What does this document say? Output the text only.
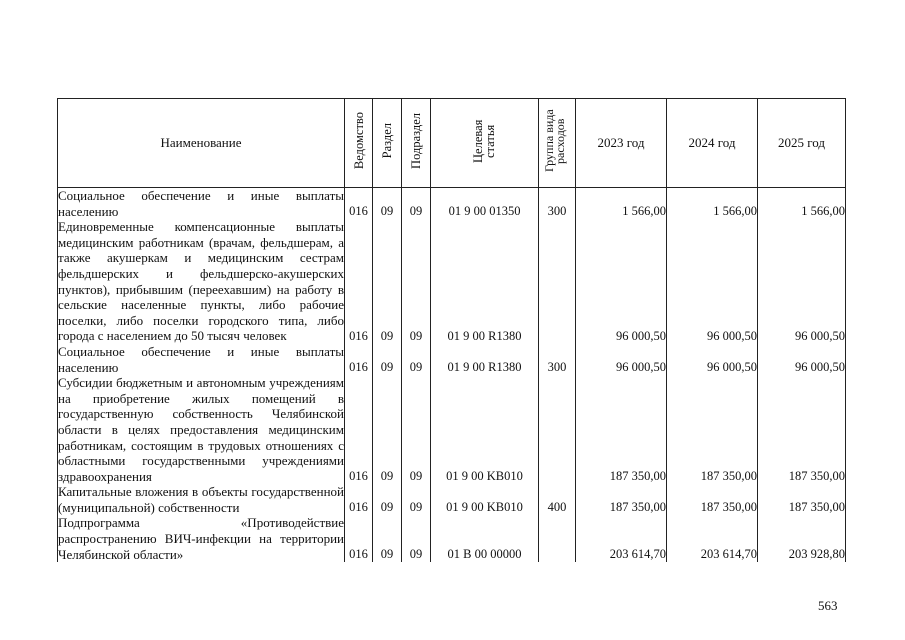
Наименование	Ведомство	Раздел	Подраздел	Целевая статья	Группа вида расходов	2023 год	2024 год	2025 год
Социальное обеспечение и иные выплаты населению	016	09	09	01 9 00 01350	300	1 566,00	1 566,00	1 566,00
Единовременные компенсационные выплаты медицинским работникам (врачам, фельдшерам, а также акушеркам и медицинским сестрам фельдшерских и фельдшерско-акушерских пунктов), прибывшим (переехавшим) на работу в сельские населенные пункты, либо рабочие поселки, либо поселки городского типа, либо города с населением до 50 тысяч человек	016	09	09	01 9 00 R1380		96 000,50	96 000,50	96 000,50
Социальное обеспечение и иные выплаты населению	016	09	09	01 9 00 R1380	300	96 000,50	96 000,50	96 000,50
Субсидии бюджетным и автономным учреждениям на приобретение жилых помещений в государственную собственность Челябинской области в целях предоставления медицинским работникам, состоящим в трудовых отношениях с областными государственными учреждениями здравоохранения	016	09	09	01 9 00 KB010		187 350,00	187 350,00	187 350,00
Капитальные вложения в объекты государственной (муниципальной) собственности	016	09	09	01 9 00 KB010	400	187 350,00	187 350,00	187 350,00
Подпрограмма «Противодействие распространению ВИЧ-инфекции на территории Челябинской области»	016	09	09	01 В 00 00000		203 614,70	203 614,70	203 928,80
563
